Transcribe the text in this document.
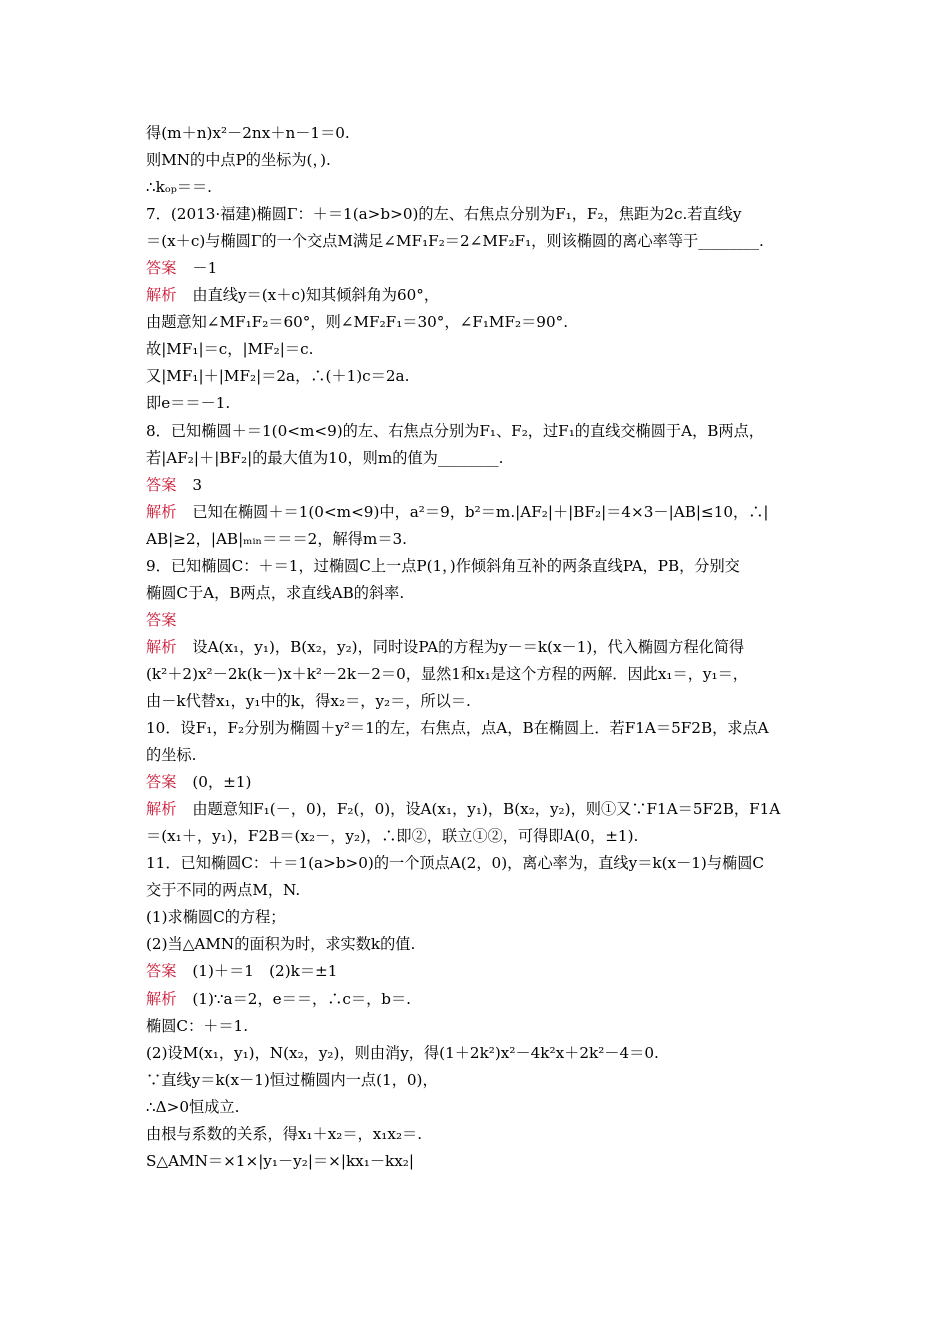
得(m＋n)x²－2nx＋n－1＝0.
则MN的中点P的坐标为(，).
∴kₒₚ＝＝.
7．(2013·福建)椭圆Γ：＋＝1(a>b>0)的左、右焦点分别为F₁，F₂，焦距为2c.若直线y
＝(x＋c)与椭圆Γ的一个交点M满足∠MF₁F₂＝2∠MF₂F₁，则该椭圆的离心率等于________.
答案 －1
解析 由直线y＝(x＋c)知其倾斜角为60°，
由题意知∠MF₁F₂＝60°，则∠MF₂F₁＝30°，∠F₁MF₂＝90°.
故|MF₁|＝c，|MF₂|＝c.
又|MF₁|＋|MF₂|＝2a，∴(＋1)c＝2a.
即e＝＝－1.
8．已知椭圆＋＝1(0<m<9)的左、右焦点分别为F₁、F₂，过F₁的直线交椭圆于A，B两点，
若|AF₂|＋|BF₂|的最大值为10，则m的值为________.
答案 3
解析 已知在椭圆＋＝1(0<m<9)中，a²＝9，b²＝m.|AF₂|＋|BF₂|＝4×3－|AB|≤10，∴|
AB|≥2，|AB|ₘᵢₙ＝＝＝2，解得m＝3.
9．已知椭圆C：＋＝1，过椭圆C上一点P(1，)作倾斜角互补的两条直线PA，PB，分别交
椭圆C于A，B两点，求直线AB的斜率.
答案
解析 设A(x₁，y₁)，B(x₂，y₂)，同时设PA的方程为y－＝k(x－1)，代入椭圆方程化简得
(k²＋2)x²－2k(k－)x＋k²－2k－2＝0，显然1和x₁是这个方程的两解．因此x₁＝，y₁＝，
由－k代替x₁，y₁中的k，得x₂＝，y₂＝，所以＝.
10．设F₁，F₂分别为椭圆＋y²＝1的左，右焦点，点A，B在椭圆上．若F1A＝5F2B，求点A
的坐标.
答案 (0，±1)
解析 由题意知F₁(－，0)，F₂(，0)，设A(x₁，y₁)，B(x₂，y₂)，则①又∵F1A＝5F2B，F1A
＝(x₁＋，y₁)，F2B＝(x₂－，y₂)，∴即②，联立①②，可得即A(0，±1).
11．已知椭圆C：＋＝1(a>b>0)的一个顶点A(2，0)，离心率为，直线y＝k(x－1)与椭圆C
交于不同的两点M，N.
(1)求椭圆C的方程；
(2)当△AMN的面积为时，求实数k的值.
答案 (1)＋＝1　(2)k＝±1
解析 (1)∵a＝2，e＝＝，∴c＝，b＝.
椭圆C：＋＝1.
(2)设M(x₁，y₁)，N(x₂，y₂)，则由消y，得(1＋2k²)x²－4k²x＋2k²－4＝0.
∵直线y＝k(x－1)恒过椭圆内一点(1，0)，
∴Δ>0恒成立.
由根与系数的关系，得x₁＋x₂＝，x₁x₂＝.
S△AMN＝×1×|y₁－y₂|＝×|kx₁－kx₂|
